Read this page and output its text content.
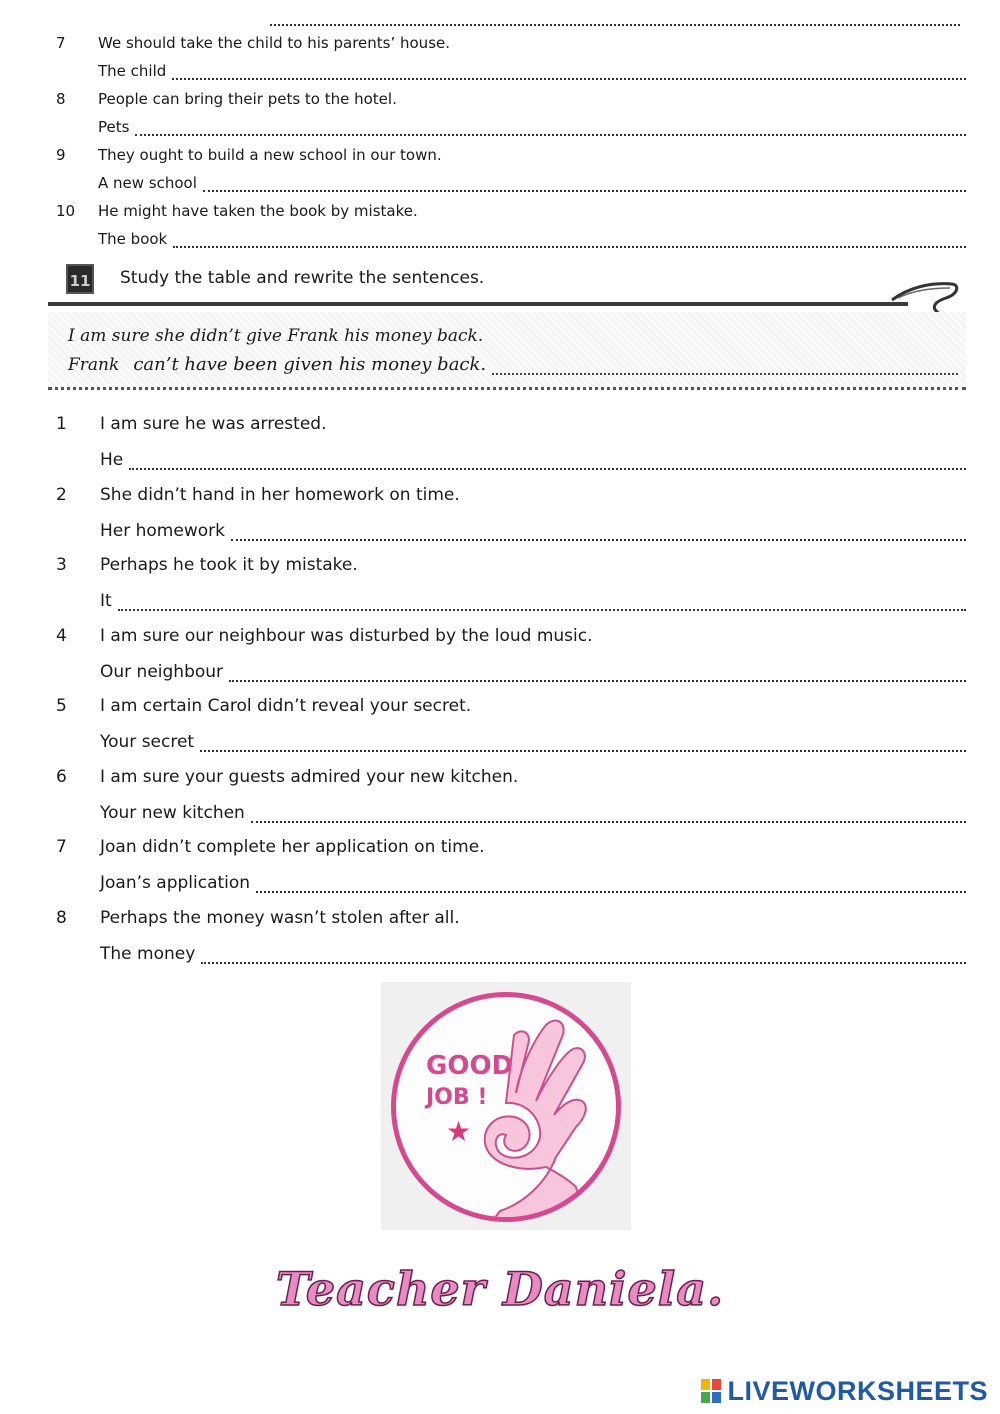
7	We should take the child to his parents’ house.
The child
8	People can bring their pets to the hotel.
Pets
9	They ought to build a new school in our town.
A new school
10	He might have taken the book by mistake.
The book
11 Study the table and rewrite the sentences.
I am sure she didn’t give Frank his money back.
Frank can’t have been given his money back.
1	I am sure he was arrested.
He
2	She didn’t hand in her homework on time.
Her homework
3	Perhaps he took it by mistake.
It
4	I am sure our neighbour was disturbed by the loud music.
Our neighbour
5	I am certain Carol didn’t reveal your secret.
Your secret
6	I am sure your guests admired your new kitchen.
Your new kitchen
7	Joan didn’t complete her application on time.
Joan’s application
8	Perhaps the money wasn’t stolen after all.
The money
GOOD
JOB !
★
Teacher Daniela.
LIVEWORKSHEETS
